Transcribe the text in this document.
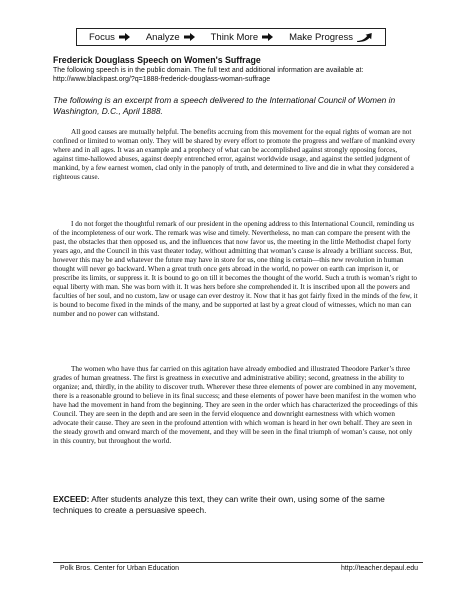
Focus	Analyze	Think More	Make Progress

Frederick Douglass Speech on Women's Suffrage

The following speech is in the public domain. The full text and additional information are available at:

http://www.blackpast.org/?q=1888-frederick-douglass-woman-suffrage

The following is an excerpt from a speech delivered to the International Council of Women in Washington, D.C., April 1888.

All good causes are mutually helpful. The benefits accruing from this movement for the equal rights of woman are not confined or limited to woman only. They will be shared by every effort to promote the progress and welfare of mankind every where and in all ages. It was an example and a prophecy of what can be accomplished against strongly opposing forces, against time-hallowed abuses, against deeply entrenched error, against worldwide usage, and against the settled judgment of mankind, by a few earnest women, clad only in the panoply of truth, and determined to live and die in what they considered a righteous cause.

I do not forget the thoughtful remark of our president in the opening address to this International Council, reminding us of the incompleteness of our work. The remark was wise and timely. Nevertheless, no man can compare the present with the past, the obstacles that then opposed us, and the influences that now favor us, the meeting in the little Methodist chapel forty years ago, and the Council in this vast theater today, without admitting that woman’s cause is already a brilliant success. But, however this may be and whatever the future may have in store for us, one thing is certain—this new revolution in human thought will never go backward. When a great truth once gets abroad in the world, no power on earth can imprison it, or prescribe its limits, or suppress it. It is bound to go on till it becomes the thought of the world. Such a truth is woman’s right to equal liberty with man. She was born with it. It was hers before she comprehended it. It is inscribed upon all the powers and faculties of her soul, and no custom, law or usage can ever destroy it. Now that it has got fairly fixed in the minds of the few, it is bound to become fixed in the minds of the many, and be supported at last by a great cloud of witnesses, which no man can number and no power can withstand.

The women who have thus far carried on this agitation have already embodied and illustrated Theodore Parker’s three grades of human greatness. The first is greatness in executive and administrative ability; second, greatness in the ability to organize; and, thirdly, in the ability to discover truth. Wherever these three elements of power are combined in any movement, there is a reasonable ground to believe in its final success; and these elements of power have been manifest in the women who have had the movement in hand from the beginning. They are seen in the order which has characterized the proceedings of this Council. They are seen in the depth and are seen in the fervid eloquence and downright earnestness with which women advocate their cause. They are seen in the profound attention with which woman is heard in her own behalf. They are seen in the steady growth and onward march of the movement, and they will be seen in the final triumph of woman’s cause, not only in this country, but throughout the world.

EXCEED: After students analyze this text, they can write their own, using some of the same techniques to create a persuasive speech.
Polk Bros. Center for Urban Education	http://teacher.depaul.edu
